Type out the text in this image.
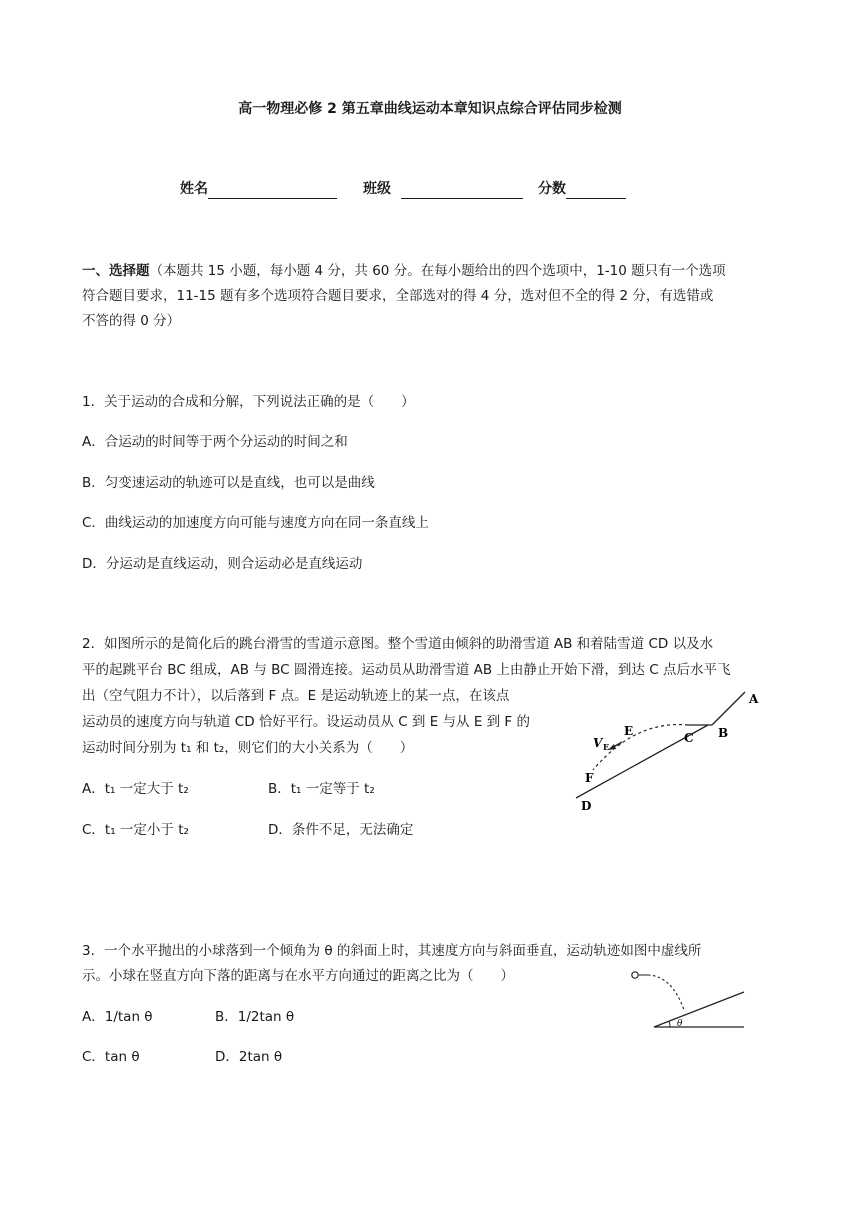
高一物理必修 2 第五章曲线运动本章知识点综合评估同步检测
姓名	班级	分数
一、选择题（本题共 15 小题，每小题 4 分，共 60 分。在每小题给出的四个选项中，1-10 题只有一个选项
符合题目要求，11-15 题有多个选项符合题目要求，全部选对的得 4 分，选对但不全的得 2 分，有选错或
不答的得 0 分）
1．关于运动的合成和分解，下列说法正确的是（　　）
A．合运动的时间等于两个分运动的时间之和
B．匀变速运动的轨迹可以是直线，也可以是曲线
C．曲线运动的加速度方向可能与速度方向在同一条直线上
D．分运动是直线运动，则合运动必是直线运动
2．如图所示的是简化后的跳台滑雪的雪道示意图。整个雪道由倾斜的助滑雪道 AB 和着陆雪道 CD 以及水
平的起跳平台 BC 组成，AB 与 BC 圆滑连接。运动员从助滑雪道 AB 上由静止开始下滑，到达 C 点后水平飞
出（空气阻力不计），以后落到 F 点。E 是运动轨迹上的某一点，在该点
运动员的速度方向与轨道 CD 恰好平行。设运动员从 C 到 E 与从 E 到 F 的
运动时间分别为 t₁ 和 t₂，则它们的大小关系为（　　）
A．t₁ 一定大于 t₂	B．t₁ 一定等于 t₂
C．t₁ 一定小于 t₂	D．条件不足，无法确定
A
B
C
D
E
F
V E
3．一个水平抛出的小球落到一个倾角为 θ 的斜面上时，其速度方向与斜面垂直，运动轨迹如图中虚线所
示。小球在竖直方向下落的距离与在水平方向通过的距离之比为（　　）
A．1/tan θ	B．1/2tan θ
C．tan θ	D．2tan θ
θ
